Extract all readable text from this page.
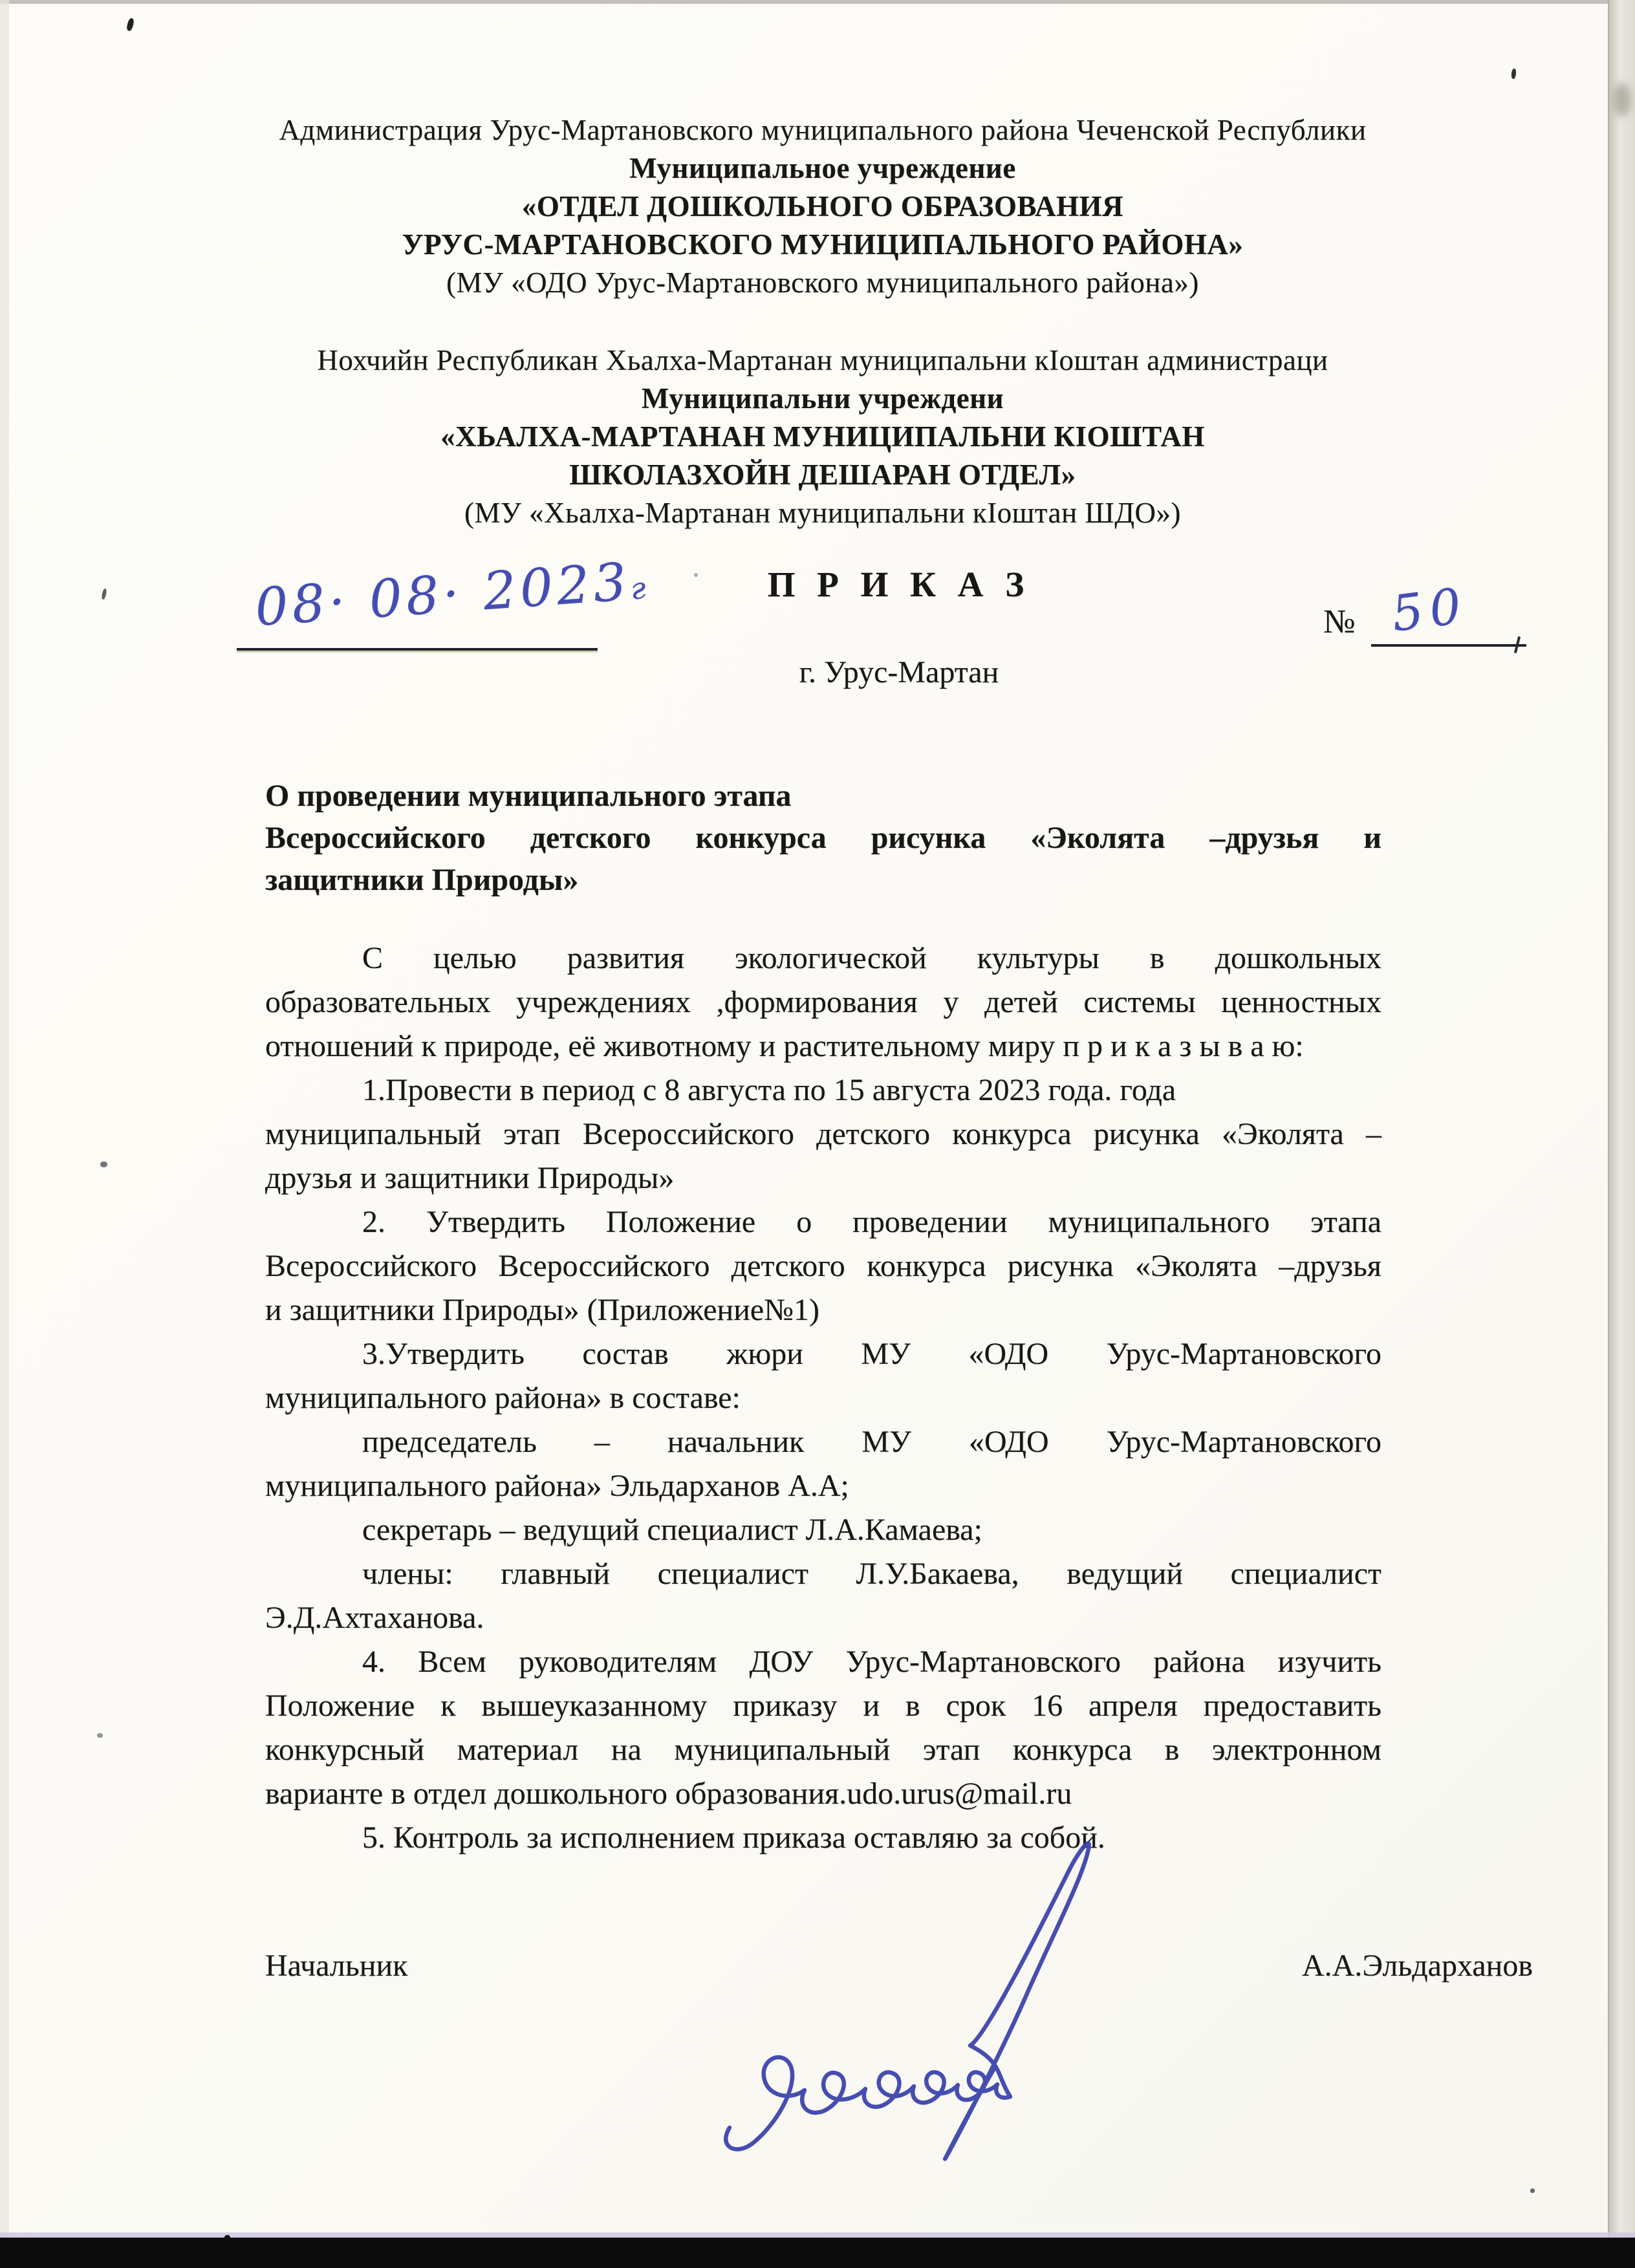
Администрация Урус-Мартановского муниципального района Чеченской Республики
Муниципальное учреждение
«ОТДЕЛ ДОШКОЛЬНОГО ОБРАЗОВАНИЯ
УРУС-МАРТАНОВСКОГО МУНИЦИПАЛЬНОГО РАЙОНА»
(МУ «ОДО Урус-Мартановского муниципального района»)
Нохчийн Республикан Хьалха-Мартанан муниципальни кIоштан администраци
Муниципальни учреждени
«ХЬАЛХА-МАРТАНАН МУНИЦИПАЛЬНИ КIОШТАН
ШКОЛАЗХОЙН ДЕШАРАН ОТДЕЛ»
(МУ «Хьалха-Мартанан муниципальни кIоштан ШДО»)
П Р И К А З
08· 08· 2023г
№ 50
г. Урус-Мартан
О проведении муниципального этапа
Всероссийского детского конкурса рисунка «Эколята –друзья и
защитники Природы»
С целью развития экологической культуры в дошкольных
образовательных учреждениях ,формирования у детей системы ценностных
отношений к природе, её животному и растительному миру п р и к а з ы в а ю:
1.Провести в период с 8 августа по 15 августа 2023 года. года
муниципальный этап Всероссийского детского конкурса рисунка «Эколята –
друзья и защитники Природы»
2. Утвердить Положение о проведении муниципального этапа
Всероссийского Всероссийского детского конкурса рисунка «Эколята –друзья
и защитники Природы» (Приложение№1)
3.Утвердить состав жюри МУ «ОДО Урус-Мартановского
муниципального района» в составе:
председатель – начальник МУ «ОДО Урус-Мартановского
муниципального района» Эльдарханов А.А;
секретарь – ведущий специалист Л.А.Камаева;
члены: главный специалист Л.У.Бакаева, ведущий специалист
Э.Д.Ахтаханова.
4. Всем руководителям ДОУ Урус-Мартановского района изучить
Положение к вышеуказанному приказу и в срок 16 апреля предоставить
конкурсный материал на муниципальный этап конкурса в электронном
варианте в отдел дошкольного образования.udo.urus@mail.ru
5. Контроль за исполнением приказа оставляю за собой.
Начальник	А.А.Эльдарханов
